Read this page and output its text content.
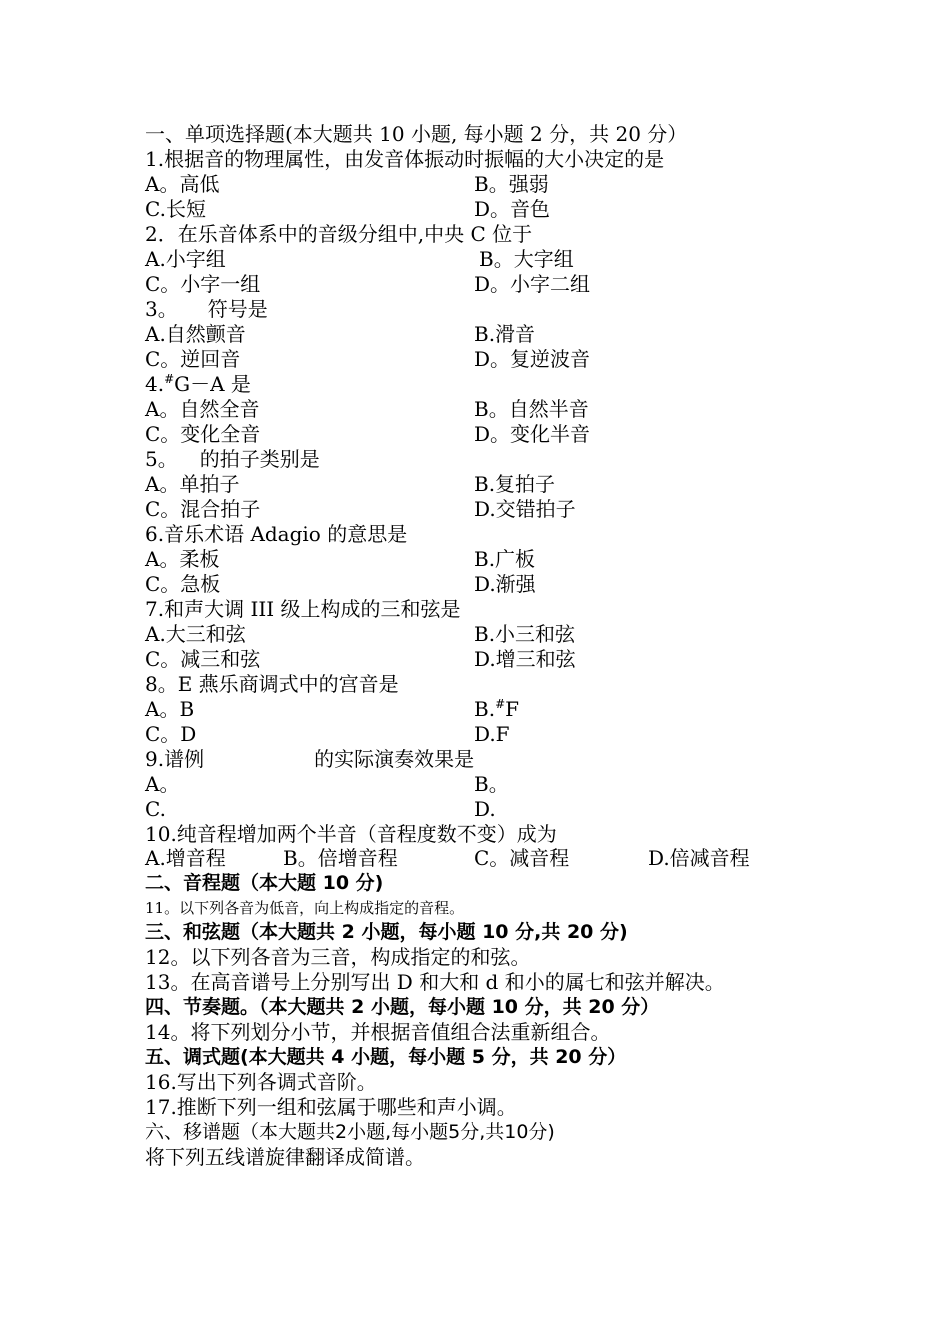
一、单项选择题(本大题共 10 小题, 每小题 2 分，共 20 分）
1.根据音的物理属性，由发音体振动时振幅的大小决定的是
A。高低	B。强弱
C.长短	D。音色
2．在乐音体系中的音级分组中,中央 C 位于
A.小字组	B。大字组
C。小字一组	D。小字二组
3。 符号是
A.自然颤音	B.滑音
C。逆回音	D。复逆波音
4.#G－A 是
A。自然全音	B。自然半音
C。变化全音	D。变化半音
5。 的拍子类别是
A。单拍子	B.复拍子
C。混合拍子	D.交错拍子
6.音乐术语 Adagio 的意思是
A。柔板	B.广板
C。急板	D.渐强
7.和声大调 III 级上构成的三和弦是
A.大三和弦	B.小三和弦
C。减三和弦	D.增三和弦
8。E 燕乐商调式中的宫音是
A。B	B.#F
C。D	D.F
9.谱例	的实际演奏效果是
A。	B。
C.	D.
10.纯音程增加两个半音（音程度数不变）成为
A.增音程	B。倍增音程	C。减音程	D.倍减音程
二、音程题（本大题 10 分)
11。以下列各音为低音，向上构成指定的音程。
三、和弦题（本大题共 2 小题，每小题 10 分,共 20 分)
12。以下列各音为三音，构成指定的和弦。
13。在高音谱号上分别写出 D 和大和 d 和小的属七和弦并解决。
四、节奏题。（本大题共 2 小题，每小题 10 分，共 20 分）
14。将下列划分小节，并根据音值组合法重新组合。
五、调式题(本大题共 4 小题，每小题 5 分，共 20 分）
16.写出下列各调式音阶。
17.推断下列一组和弦属于哪些和声小调。
六、移谱题（本大题共2小题,每小题5分,共10分)
将下列五线谱旋律翻译成简谱。
